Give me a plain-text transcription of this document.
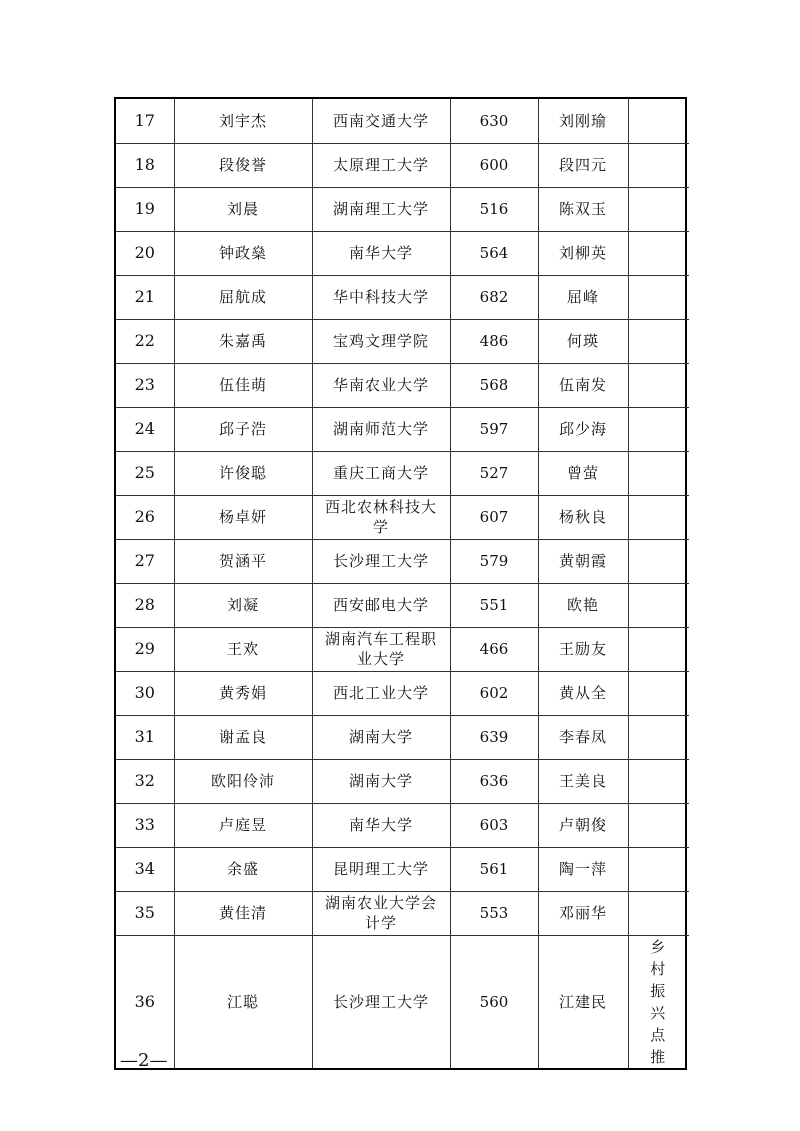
17	刘宇杰	西南交通大学	630	刘刚瑜	
18	段俊誉	太原理工大学	600	段四元	
19	刘晨	湖南理工大学	516	陈双玉	
20	钟政燊	南华大学	564	刘柳英	
21	屈航成	华中科技大学	682	屈峰	
22	朱嘉禹	宝鸡文理学院	486	何瑛	
23	伍佳萌	华南农业大学	568	伍南发	
24	邱子浩	湖南师范大学	597	邱少海	
25	许俊聪	重庆工商大学	527	曾萤	
26	杨卓妍	西北农林科技大学	607	杨秋良	
27	贺涵平	长沙理工大学	579	黄朝霞	
28	刘凝	西安邮电大学	551	欧艳	
29	王欢	湖南汽车工程职业大学	466	王励友	
30	黄秀娟	西北工业大学	602	黄从全	
31	谢孟良	湖南大学	639	李春凤	
32	欧阳伶沛	湖南大学	636	王美良	
33	卢庭昱	南华大学	603	卢朝俊	
34	余盛	昆明理工大学	561	陶一萍	
35	黄佳清	湖南农业大学会计学	553	邓丽华	
36	江聪	长沙理工大学	560	江建民	乡村振兴点推
—2—
